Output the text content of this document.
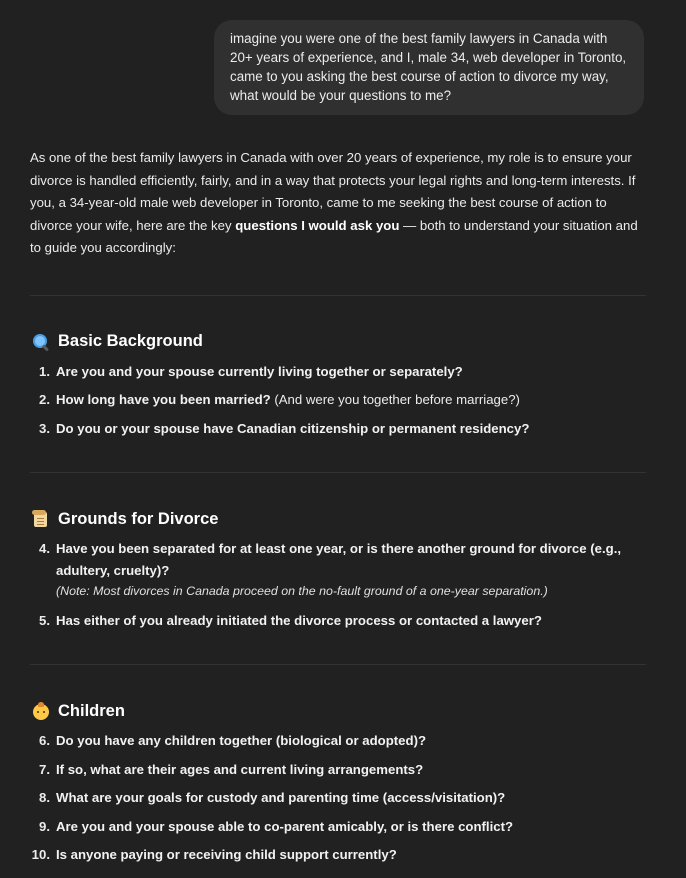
imagine you were one of the best family lawyers in Canada with 20+ years of experience, and I, male 34, web developer in Toronto, came to you asking the best course of action to divorce my way, what would be your questions to me?

As one of the best family lawyers in Canada with over 20 years of experience, my role is to ensure your divorce is handled efficiently, fairly, and in a way that protects your legal rights and long-term interests. If you, a 34-year-old male web developer in Toronto, came to me seeking the best course of action to divorce your wife, here are the key questions I would ask you — both to understand your situation and to guide you accordingly:

Basic Background
1. Are you and your spouse currently living together or separately?
2. How long have you been married? (And were you together before marriage?)
3. Do you or your spouse have Canadian citizenship or permanent residency?
Grounds for Divorce
4. Have you been separated for at least one year, or is there another ground for divorce (e.g., adultery, cruelty)?
(Note: Most divorces in Canada proceed on the no-fault ground of a one-year separation.)
5. Has either of you already initiated the divorce process or contacted a lawyer?
Children
6. Do you have any children together (biological or adopted)?
7. If so, what are their ages and current living arrangements?
8. What are your goals for custody and parenting time (access/visitation)?
9. Are you and your spouse able to co-parent amicably, or is there conflict?
10. Is anyone paying or receiving child support currently?
